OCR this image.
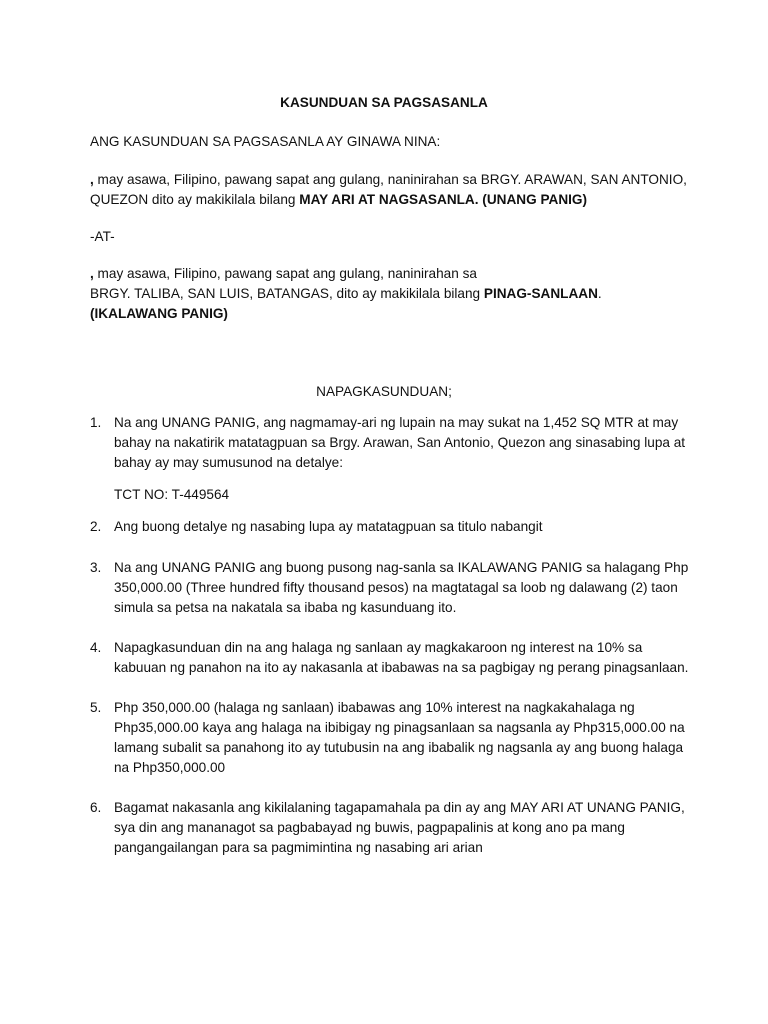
KASUNDUAN SA PAGSASANLA
ANG KASUNDUAN SA PAGSASANLA AY GINAWA NINA:
, may asawa, Filipino, pawang sapat ang gulang, naninirahan sa BRGY. ARAWAN, SAN ANTONIO, QUEZON dito ay makikilala bilang MAY ARI AT NAGSASANLA. (UNANG PANIG)
-AT-
, may asawa, Filipino, pawang sapat ang gulang, naninirahan sa
BRGY. TALIBA, SAN LUIS, BATANGAS, dito ay makikilala bilang PINAG-SANLAAN. (IKALAWANG PANIG)
NAPAGKASUNDUAN;
1. Na ang UNANG PANIG, ang nagmamay-ari ng lupain na may sukat na 1,452 SQ MTR at may bahay na nakatirik matatagpuan sa Brgy. Arawan, San Antonio, Quezon ang sinasabing lupa at bahay ay may sumusunod na detalye:
TCT NO: T-449564
2. Ang buong detalye ng nasabing lupa ay matatagpuan sa titulo nabangit
3. Na ang UNANG PANIG ang buong pusong nag-sanla sa IKALAWANG PANIG sa halagang Php 350,000.00 (Three hundred fifty thousand pesos) na magtatagal sa loob ng dalawang (2) taon simula sa petsa na nakatala sa ibaba ng kasunduang ito.
4. Napagkasunduan din na ang halaga ng sanlaan ay magkakaroon ng interest na 10% sa kabuuan ng panahon na ito ay nakasanla at ibabawas na sa pagbigay ng perang pinagsanlaan.
5. Php 350,000.00 (halaga ng sanlaan) ibabawas ang 10% interest na nagkakahalaga ng Php35,000.00 kaya ang halaga na ibibigay ng pinagsanlaan sa nagsanla ay Php315,000.00 na lamang subalit sa panahong ito ay tutubusin na ang ibabalik ng nagsanla ay ang buong halaga na Php350,000.00
6. Bagamat nakasanla ang kikilalaning tagapamahala pa din ay ang MAY ARI AT UNANG PANIG, sya din ang mananagot sa pagbabayad ng buwis, pagpapalinis at kong ano pa mang pangangailangan para sa pagmimintina ng nasabing ari arian
